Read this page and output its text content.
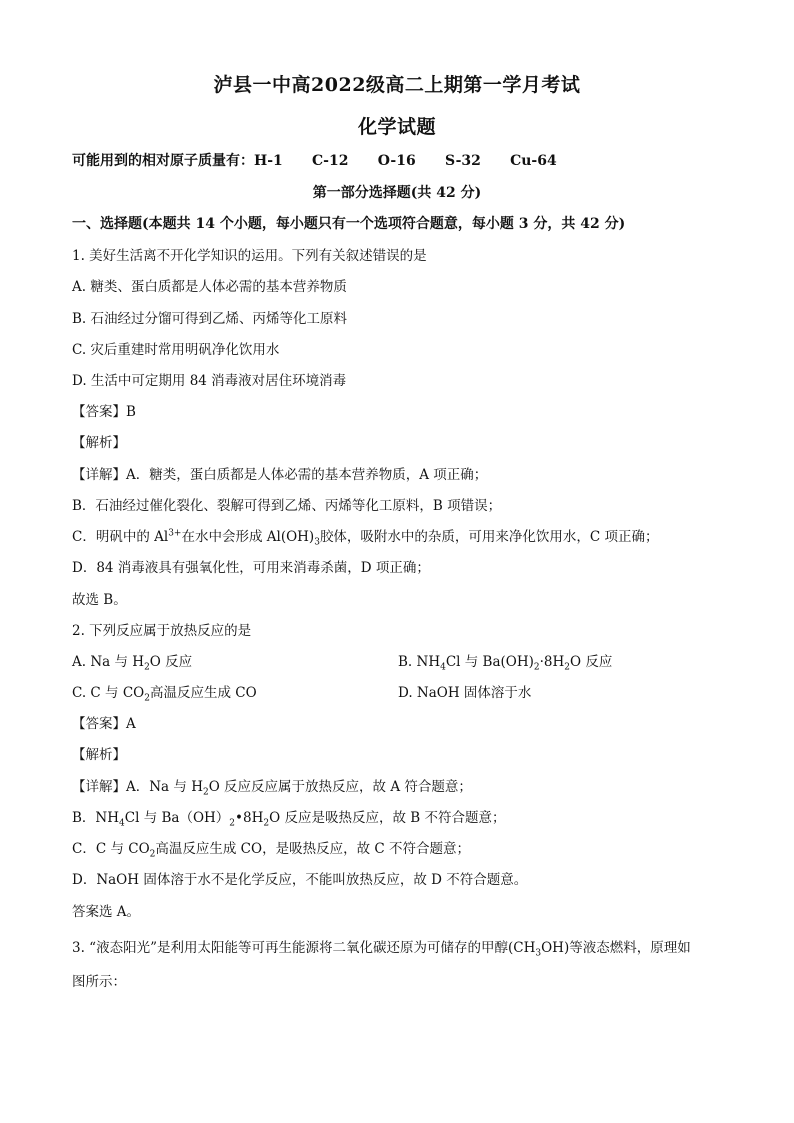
泸县一中高2022级高二上期第一学月考试
化学试题
可能用到的相对原子质量有：H-1      C-12      O-16      S-32      Cu-64
第一部分选择题(共 42 分)
一、选择题(本题共 14 个小题，每小题只有一个选项符合题意，每小题 3 分，共 42 分)
1. 美好生活离不开化学知识的运用。下列有关叙述错误的是
A. 糖类、蛋白质都是人体必需的基本营养物质
B. 石油经过分馏可得到乙烯、丙烯等化工原料
C. 灾后重建时常用明矾净化饮用水
D. 生活中可定期用 84 消毒液对居住环境消毒
【答案】B
【解析】
【详解】A．糖类，蛋白质都是人体必需的基本营养物质，A 项正确；
B．石油经过催化裂化、裂解可得到乙烯、丙烯等化工原料，B 项错误；
C．明矾中的 $Al^{3+}$在水中会形成 $Al(OH)_3$胶体，吸附水中的杂质，可用来净化饮用水，C 项正确；
D．84 消毒液具有强氧化性，可用来消毒杀菌，D 项正确；
故选 B。
2. 下列反应属于放热反应的是
A. Na 与 $H_2O$ 反应	B. $NH_4Cl$ 与 $Ba(OH)_2\cdot 8H_2O$ 反应
C. C 与 $CO_2$高温反应生成 CO	D. NaOH 固体溶于水
【答案】A
【解析】
【详解】A．Na 与 $H_2O$ 反应反应属于放热反应，故 A 符合题意；
B．$NH_4Cl$ 与 $Ba(OH)_2•8H_2O$ 反应是吸热反应，故 B 不符合题意；
C．C 与 $CO_2$高温反应生成 CO，是吸热反应，故 C 不符合题意；
D．NaOH 固体溶于水不是化学反应，不能叫放热反应，故 D 不符合题意。
答案选 A。
3. “液态阳光”是利用太阳能等可再生能源将二氧化碳还原为可储存的甲醇$(CH_3OH)$等液态燃料，原理如
图所示：
